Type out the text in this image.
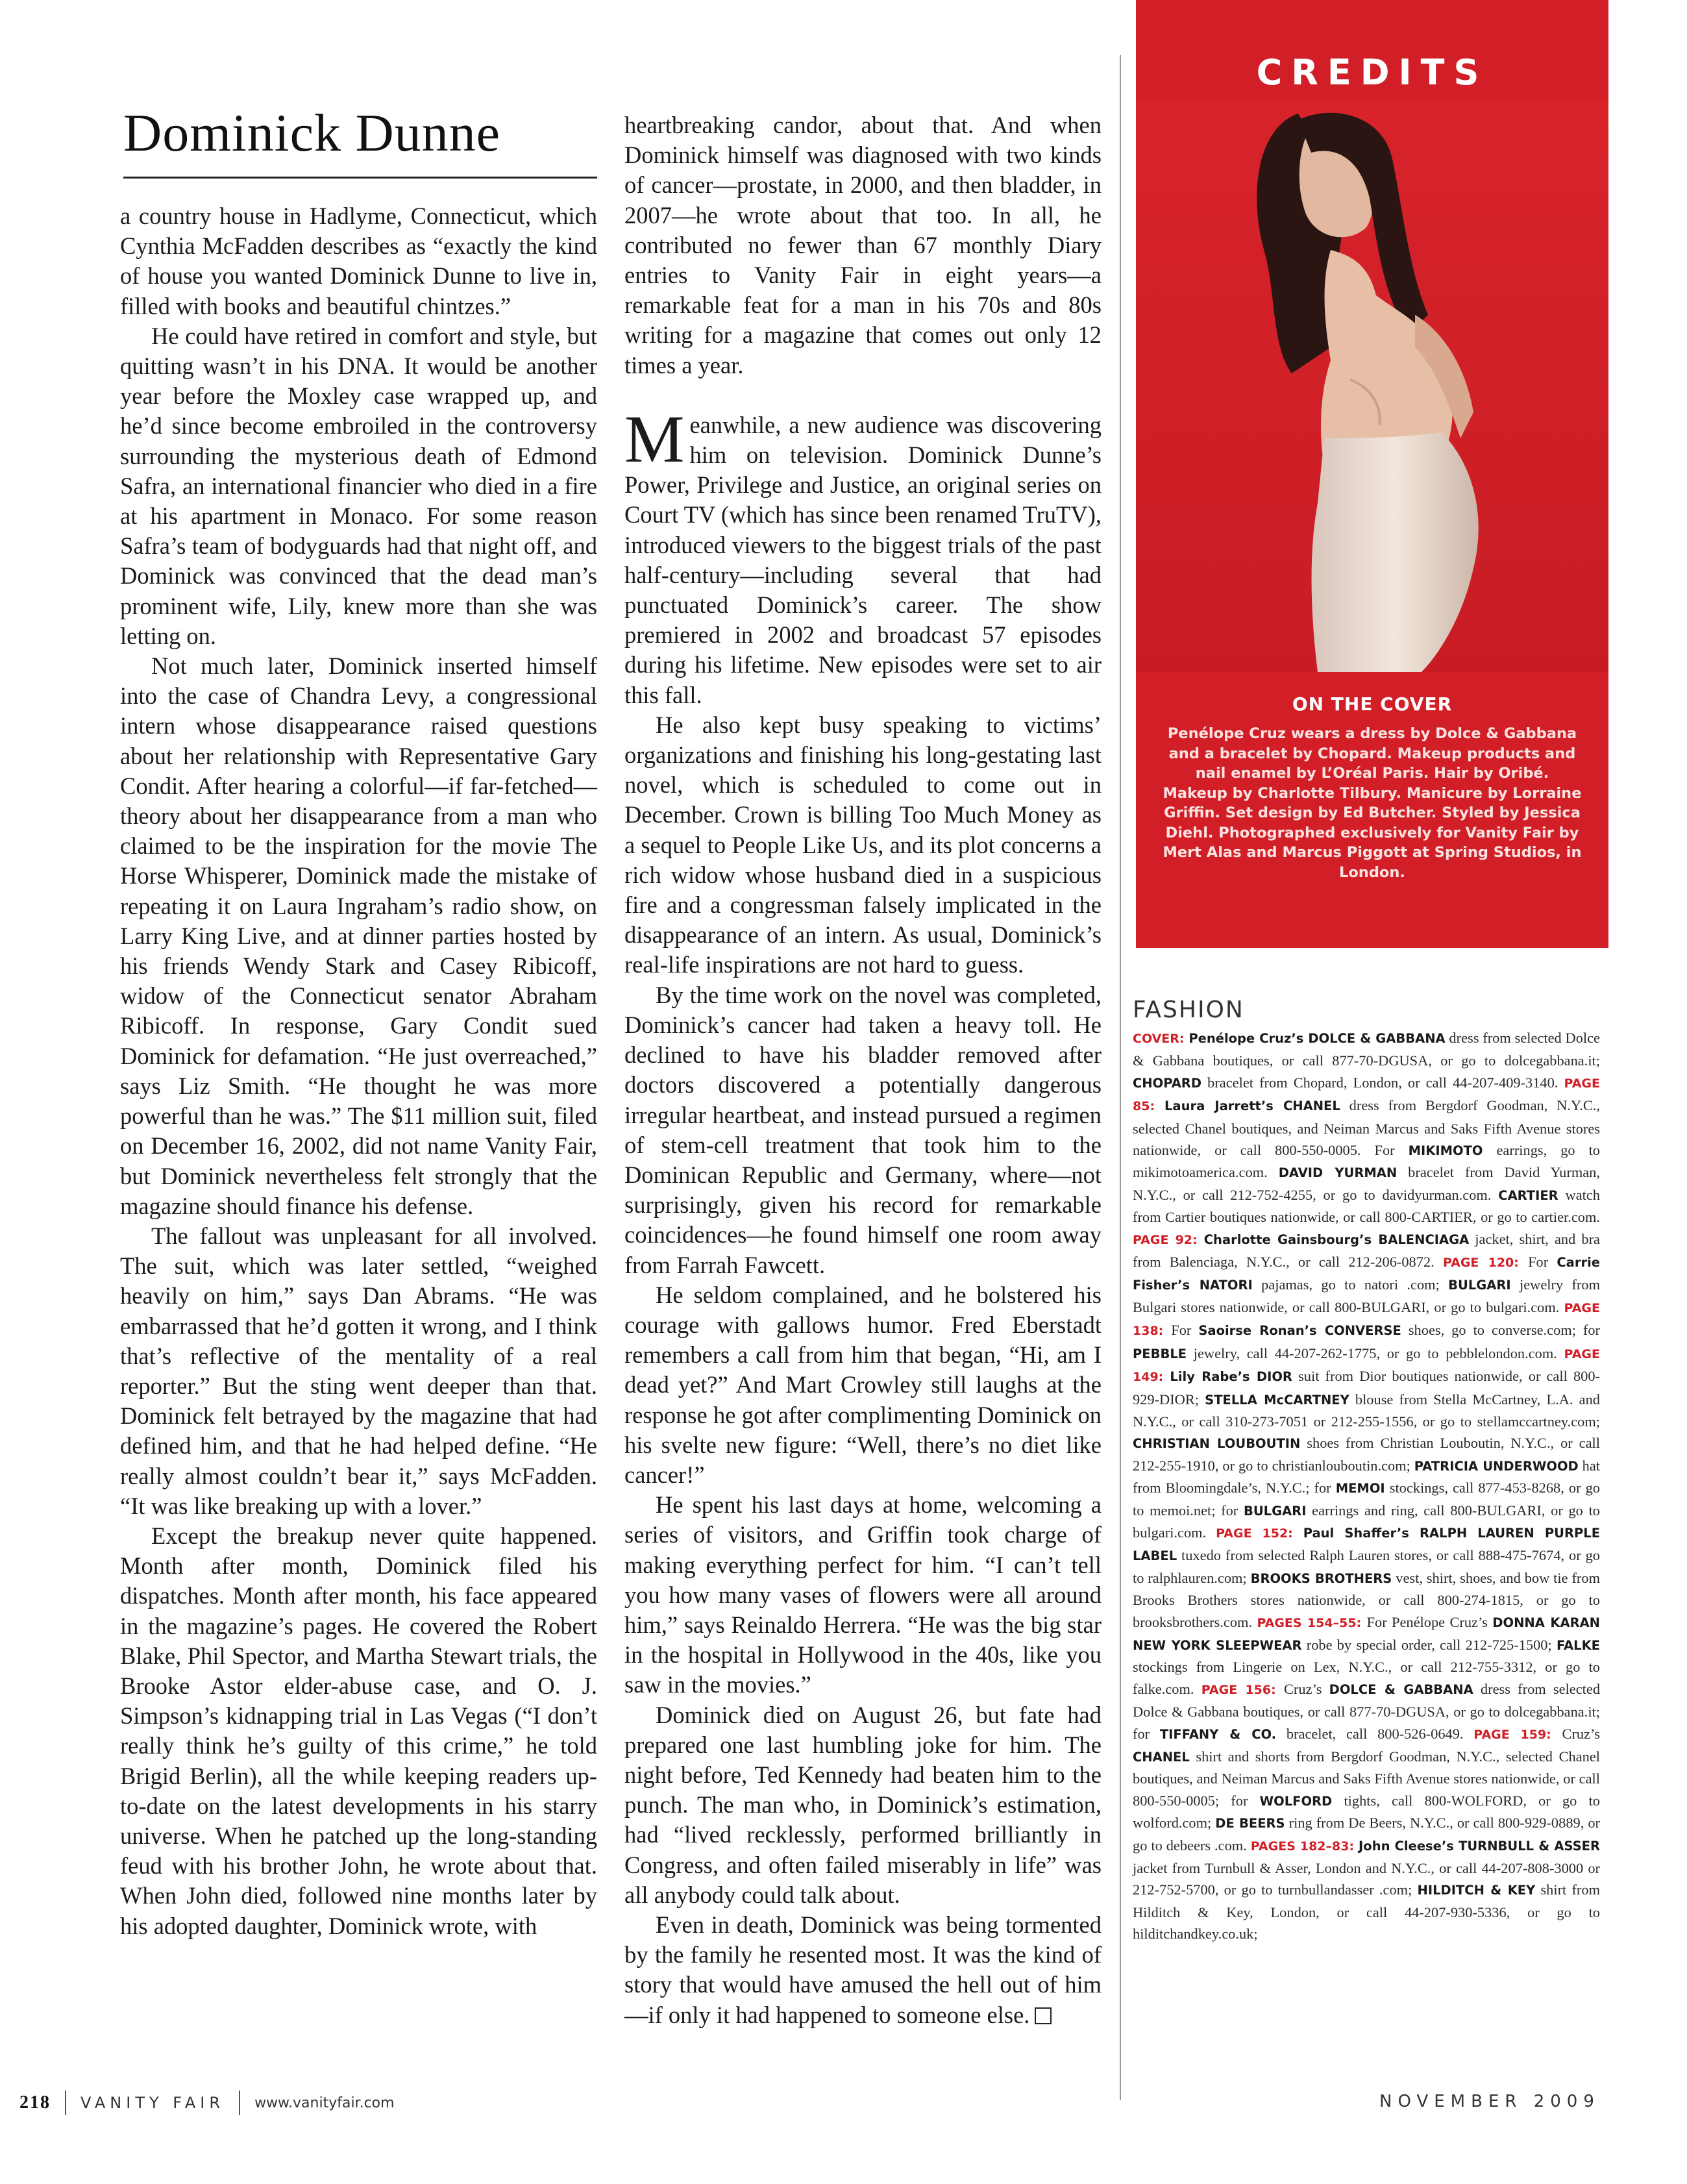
Dominick Dunne

a country house in Hadlyme, Connecticut, which Cynthia McFadden describes as “exactly the kind of house you wanted Dominick Dunne to live in, filled with books and beautiful chintzes.”

He could have retired in comfort and style, but quitting wasn’t in his DNA. It would be another year before the Moxley case wrapped up, and he’d since become embroiled in the controversy surrounding the mysterious death of Edmond Safra, an international financier who died in a fire at his apartment in Monaco. For some reason Safra’s team of bodyguards had that night off, and Dominick was convinced that the dead man’s prominent wife, Lily, knew more than she was letting on.

Not much later, Dominick inserted himself into the case of Chandra Levy, a congressional intern whose disappearance raised questions about her relationship with Representative Gary Condit. After hearing a colorful—if far-fetched—theory about her disappearance from a man who claimed to be the inspiration for the movie The Horse Whisperer, Dominick made the mistake of repeating it on Laura Ingraham’s radio show, on Larry King Live, and at dinner parties hosted by his friends Wendy Stark and Casey Ribicoff, widow of the Connecticut senator Abraham Ribicoff. In response, Gary Condit sued Dominick for defamation. “He just overreached,” says Liz Smith. “He thought he was more powerful than he was.” The $11 million suit, filed on December 16, 2002, did not name Vanity Fair, but Dominick nevertheless felt strongly that the magazine should finance his defense.

The fallout was unpleasant for all involved. The suit, which was later settled, “weighed heavily on him,” says Dan Abrams. “He was embarrassed that he’d gotten it wrong, and I think that’s reflective of the mentality of a real reporter.” But the sting went deeper than that. Dominick felt betrayed by the magazine that had defined him, and that he had helped define. “He really almost couldn’t bear it,” says McFadden. “It was like breaking up with a lover.”

Except the breakup never quite happened. Month after month, Dominick filed his dispatches. Month after month, his face appeared in the magazine’s pages. He covered the Robert Blake, Phil Spector, and Martha Stewart trials, the Brooke Astor elder-abuse case, and O. J. Simpson’s kidnapping trial in Las Vegas (“I don’t really think he’s guilty of this crime,” he told Brigid Berlin), all the while keeping readers up-to-date on the latest developments in his starry universe. When he patched up the long-standing feud with his brother John, he wrote about that. When John died, followed nine months later by his adopted daughter, Dominick wrote, with

heartbreaking candor, about that. And when Dominick himself was diagnosed with two kinds of cancer—prostate, in 2000, and then bladder, in 2007—he wrote about that too. In all, he contributed no fewer than 67 monthly Diary entries to Vanity Fair in eight years—a remarkable feat for a man in his 70s and 80s writing for a magazine that comes out only 12 times a year.

Meanwhile, a new audience was discovering him on television. Dominick Dunne’s Power, Privilege and Justice, an original series on Court TV (which has since been renamed TruTV), introduced viewers to the biggest trials of the past half-century—including several that had punctuated Dominick’s career. The show premiered in 2002 and broadcast 57 episodes during his lifetime. New episodes were set to air this fall.

He also kept busy speaking to victims’ organizations and finishing his long-gestating last novel, which is scheduled to come out in December. Crown is billing Too Much Money as a sequel to People Like Us, and its plot concerns a rich widow whose husband died in a suspicious fire and a congressman falsely implicated in the disappearance of an intern. As usual, Dominick’s real-life inspirations are not hard to guess.

By the time work on the novel was completed, Dominick’s cancer had taken a heavy toll. He declined to have his bladder removed after doctors discovered a potentially dangerous irregular heartbeat, and instead pursued a regimen of stem-cell treatment that took him to the Dominican Republic and Germany, where—not surprisingly, given his record for remarkable coincidences—he found himself one room away from Farrah Fawcett.

He seldom complained, and he bolstered his courage with gallows humor. Fred Eberstadt remembers a call from him that began, “Hi, am I dead yet?” And Mart Crowley still laughs at the response he got after complimenting Dominick on his svelte new figure: “Well, there’s no diet like cancer!”

He spent his last days at home, welcoming a series of visitors, and Griffin took charge of making everything perfect for him. “I can’t tell you how many vases of flowers were all around him,” says Reinaldo Herrera. “He was the big star in the hospital in Hollywood in the 40s, like you saw in the movies.”

Dominick died on August 26, but fate had prepared one last humbling joke for him. The night before, Ted Kennedy had beaten him to the punch. The man who, in Dominick’s estimation, had “lived recklessly, performed brilliantly in Congress, and often failed miserably in life” was all anybody could talk about.

Even in death, Dominick was being tormented by the family he resented most. It was the kind of story that would have amused the hell out of him—if only it had happened to someone else.

CREDITS
ON THE COVER
Penélope Cruz wears a dress by Dolce & Gabbana and a bracelet by Chopard. Makeup products and nail enamel by L’Oréal Paris. Hair by Oribé. Makeup by Charlotte Tilbury. Manicure by Lorraine Griffin. Set design by Ed Butcher. Styled by Jessica Diehl. Photographed exclusively for Vanity Fair by Mert Alas and Marcus Piggott at Spring Studios, in London.
FASHION
COVER: Penélope Cruz’s DOLCE & GABBANA dress from selected Dolce & Gabbana boutiques, or call 877-70-DGUSA, or go to dolcegabbana.it; CHOPARD bracelet from Chopard, London, or call 44-207-409-3140. PAGE 85: Laura Jarrett’s CHANEL dress from Bergdorf Goodman, N.Y.C., selected Chanel boutiques, and Neiman Marcus and Saks Fifth Avenue stores nationwide, or call 800-550-0005. For MIKIMOTO earrings, go to mikimotoamerica.com. DAVID YURMAN bracelet from David Yurman, N.Y.C., or call 212-752-4255, or go to davidyurman.com. CARTIER watch from Cartier boutiques nationwide, or call 800-CARTIER, or go to cartier.com. PAGE 92: Charlotte Gainsbourg’s BALENCIAGA jacket, shirt, and bra from Balenciaga, N.Y.C., or call 212-206-0872. PAGE 120: For Carrie Fisher’s NATORI pajamas, go to natori .com; BULGARI jewelry from Bulgari stores nationwide, or call 800-BULGARI, or go to bulgari.com. PAGE 138: For Saoirse Ronan’s CONVERSE shoes, go to converse.com; for PEBBLE jewelry, call 44-207-262-1775, or go to pebblelondon.com. PAGE 149: Lily Rabe’s DIOR suit from Dior boutiques nationwide, or call 800-929-DIOR; STELLA McCARTNEY blouse from Stella McCartney, L.A. and N.Y.C., or call 310-273-7051 or 212-255-1556, or go to stellamccartney.com; CHRISTIAN LOUBOUTIN shoes from Christian Louboutin, N.Y.C., or call 212-255-1910, or go to christianlouboutin.com; PATRICIA UNDERWOOD hat from Bloomingdale’s, N.Y.C.; for MEMOI stockings, call 877-453-8268, or go to memoi.net; for BULGARI earrings and ring, call 800-BULGARI, or go to bulgari.com. PAGE 152: Paul Shaffer’s RALPH LAUREN PURPLE LABEL tuxedo from selected Ralph Lauren stores, or call 888-475-7674, or go to ralphlauren.com; BROOKS BROTHERS vest, shirt, shoes, and bow tie from Brooks Brothers stores nationwide, or call 800-274-1815, or go to brooksbrothers.com. PAGES 154–55: For Penélope Cruz’s DONNA KARAN NEW YORK SLEEPWEAR robe by special order, call 212-725-1500; FALKE stockings from Lingerie on Lex, N.Y.C., or call 212-755-3312, or go to falke.com. PAGE 156: Cruz’s DOLCE & GABBANA dress from selected Dolce & Gabbana boutiques, or call 877-70-DGUSA, or go to dolcegabbana.it; for TIFFANY & CO. bracelet, call 800-526-0649. PAGE 159: Cruz’s CHANEL shirt and shorts from Bergdorf Goodman, N.Y.C., selected Chanel boutiques, and Neiman Marcus and Saks Fifth Avenue stores nationwide, or call 800-550-0005; for WOLFORD tights, call 800-WOLFORD, or go to wolford.com; DE BEERS ring from De Beers, N.Y.C., or call 800-929-0889, or go to debeers .com. PAGES 182–83: John Cleese’s TURNBULL & ASSER jacket from Turnbull & Asser, London and N.Y.C., or call 44-207-808-3000 or 212-752-5700, or go to turnbullandasser .com; HILDITCH & KEY shirt from Hilditch & Key, London, or call 44-207-930-5336, or go to hilditchandkey.co.uk;
218 VANITY FAIR www.vanityfair.com	NOVEMBER 2009
